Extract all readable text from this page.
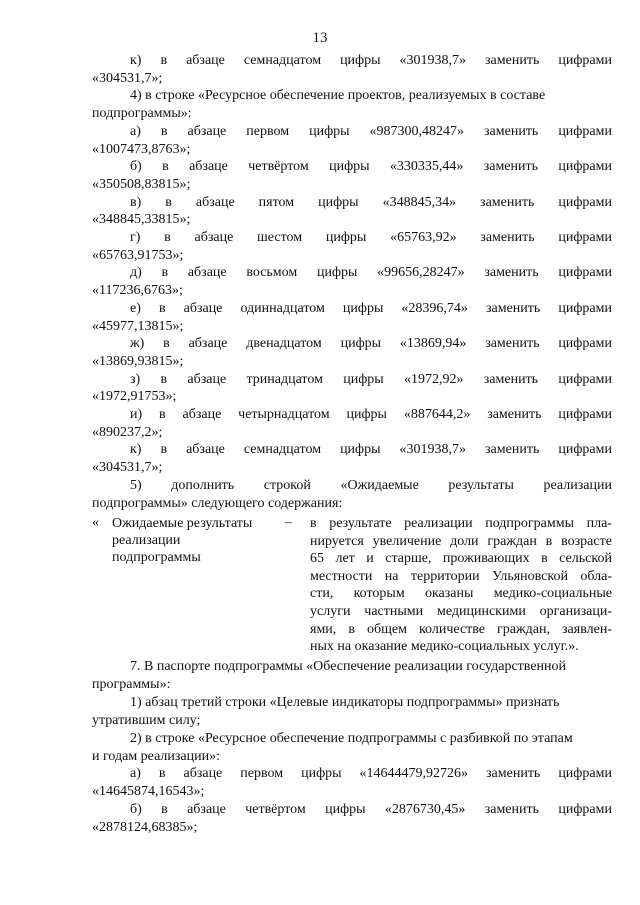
13
к) в абзаце семнадцатом цифры «301938,7» заменить цифрами
«304531,7»;
4) в строке «Ресурсное обеспечение проектов, реализуемых в составе
подпрограммы»:
а) в абзаце первом цифры «987300,48247» заменить цифрами
«1007473,8763»;
б) в абзаце четвёртом цифры «330335,44» заменить цифрами
«350508,83815»;
в) в абзаце пятом цифры «348845,34» заменить цифрами
«348845,33815»;
г) в абзаце шестом цифры «65763,92» заменить цифрами
«65763,91753»;
д) в абзаце восьмом цифры «99656,28247» заменить цифрами
«117236,6763»;
е) в абзаце одиннадцатом цифры «28396,74» заменить цифрами
«45977,13815»;
ж) в абзаце двенадцатом цифры «13869,94» заменить цифрами
«13869,93815»;
з) в абзаце тринадцатом цифры «1972,92» заменить цифрами
«1972,91753»;
и) в абзаце четырнадцатом цифры «887644,2» заменить цифрами
«890237,2»;
к) в абзаце семнадцатом цифры «301938,7» заменить цифрами
«304531,7»;
5) дополнить строкой «Ожидаемые результаты реализации
подпрограммы» следующего содержания:
« Ожидаемые результаты
реализации
подпрограммы
– в результате реализации подпрограммы пла-
нируется увеличение доли граждан в возрасте
65 лет и старше, проживающих в сельской
местности на территории Ульяновской обла-
сти, которым оказаны медико-социальные
услуги частными медицинскими организаци-
ями, в общем количестве граждан, заявлен-
ных на оказание медико-социальных услуг.».
7. В паспорте подпрограммы «Обеспечение реализации государственной
программы»:
1) абзац третий строки «Целевые индикаторы подпрограммы» признать
утратившим силу;
2) в строке «Ресурсное обеспечение подпрограммы с разбивкой по этапам
и годам реализации»:
а) в абзаце первом цифры «14644479,92726» заменить цифрами
«14645874,16543»;
б) в абзаце четвёртом цифры «2876730,45» заменить цифрами
«2878124,68385»;
